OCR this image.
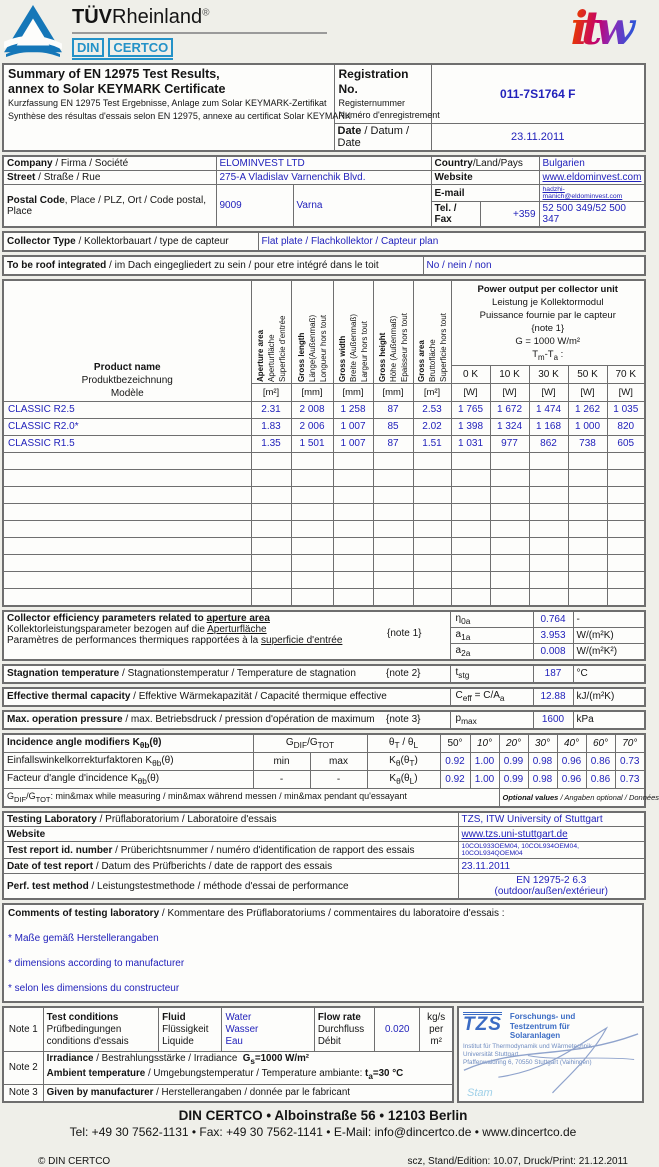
TÜVRheinland®
DIN	CERTCO	itw
Summary of EN 12975 Test Results,
annex to Solar KEYMARK Certificate
Kurzfassung EN 12975 Test Ergebnisse, Anlage zum Solar KEYMARK-Zertifikat
Synthèse des résultas d'essais selon EN 12975, annexe au certificat Solar KEYMARK

Registration No.
Registernummer
Numéro d'enregistrement
	011-7S1764 F
	Date / Datum / Date	23.11.2011
Company / Firma / Société	ELOMINVEST LTD		Country/Land/Pays		Bulgarien
Street / Straße / Rue	275-A Vladislav Varnenchik Blvd.		Website		www.eldominvest.com
Postal Code, Place / PLZ, Ort / Code postal, Place	9009	Varna	E-mail		hadzhi-manich@eldominvest.com
			Tel. / Fax	+359	52 500 349/52 500 347
Collector Type / Kollektorbauart / type de capteur	Flat plate / Flachkollektor / Capteur plan
To be roof integrated / im Dach eingegliedert zu sein / pour etre intégré dans le toit	No / nein / non
Product name
Produktbezeichnung
Modèle	
Aperture area Aperturfläche Superficie d'entrée	Gross length Länge(Außenmaß) Longueur hors tout	Gross width Breite (Außenmaß) Largeur hors tout	Gross height Höhe (Außenmaß) Epaisseur hors tout	Gross area Bruttofläche Superficie hors tout
	Power output per collector unit
Leistung je Kollektormodul
Puissance fournie par le capteur
{note 1}
G = 1000 W/m²
$T_m-T_a$ :
						0 K	10 K	30 K	50 K	70 K
	[m²]	[mm]	[mm]	[mm]	[m²]	[W]	[W]	[W]	[W]	[W]
CLASSIC R2.5	2.31	2 008	1 258	87	2.53	1 765	1 672	1 474	1 262	1 035
CLASSIC R2.0*	1.83	2 006	1 007	85	2.02	1 398	1 324	1 168	1 000	820
CLASSIC R1.5	1.35	1 501	1 007	87	1.51	1 031	977	862	738	605

Collector efficiency parameters related to aperture area
Kollektorleistungsparameter bezogen auf die Aperturfläche
Paramètres de performances thermiques rapportées à la superficie d'entrée
{note 1}	$\eta_{0a}$	0.764	-
	$a_{1a}$	3.953	W/(m²K)
	$a_{2a}$	0.008	W/(m²K²)
Stagnation temperature / Stagnationstemperatur / Temperature de stagnation	{note 2}	$t_{stg}$	187	°C
Effective thermal capacity / Effektive Wärmekapazität / Capacité thermique effective	$C_{eff} = C/A_a$	12.88	kJ/(m²K)
Max. operation pressure / max. Betriebsdruck / pression d'opération de maximum {note 3}	$p_{max}$	1600	kPa
Incidence angle modifiers $K_{\theta b}(\theta)$	$G_{DIF}/G_{TOT}$		$\theta_T / \theta_L$	50°	10°	20°	30°	40°	60°	70°
Einfallswinkelkorrekturfaktoren $K_{\theta b}(\theta)$	min	max	$K_\theta(\theta_T)$	0.92	1.00	0.99	0.98	0.96	0.86	0.73
Facteur d'angle d'incidence $K_{\theta b}(\theta)$	-	-	$K_\theta(\theta_L)$	0.92	1.00	0.99	0.98	0.96	0.86	0.73
$G_{DIF}/G_{TOT}$: min&max while measuring / min&max während messen / min&max pendant qu'essayant						Optional values / Angaben optional / Données				
Testing Laboratory / Prüflaboratorium / Laboratoire d'essais	TZS, ITW University of Stuttgart
Website	www.tzs.uni-stuttgart.de
Test report id. number / Prüberichtsnummer / numéro d'identification de rapport des essais	10COL933OEM04, 10COL934OEM04, 10COL934QOEM04
Date of test report / Datum des Prüfberichts / date de rapport des essais	23.11.2011
Perf. test method / Leistungstestmethode / méthode d'essai de performance	EN 12975-2 6.3 (outdoor/außen/extérieur)
Comments of testing laboratory / Kommentare des Prüflaboratoriums / commentaires du laboratoire d'essais :
* Maße gemäß Herstellerangaben
* dimensions according to manufacturer
* selon les dimensions du constructeur
Note 1	Test conditions
Prüfbedingungen
conditions d'essais	Fluid
Flüssigkeit
Liquide	Water
Wasser
Eau	Flow rate
Durchfluss
Débit	0.020	kg/s per m²
Note 2	Irradiance / Bestrahlungsstärke / Irradiance  $G_s=1000$ W/m²
Ambient temperature / Umgebungstemperatur / Temperature ambiante: $t_a=30$ °C					
Note 3	Given by manufacturer / Herstellerangaben / donnée par le fabricant					
TZS Forschungs- und
Testzentrum für
Solaranlagen
Institut für Thermodynamik und Wärmetechnik
Universität Stuttgart
Pfaffenwaldring 6, 70550 Stuttgart (Vaihingen)
Stam
DIN CERTCO • Alboinstraße 56 • 12103 Berlin
Tel: +49 30 7562-1131 • Fax: +49 30 7562-1141 • E-Mail: info@dincertco.de • www.dincertco.de
© DIN CERTCO	scz, Stand/Edition: 10.07, Druck/Print: 21.12.2011
